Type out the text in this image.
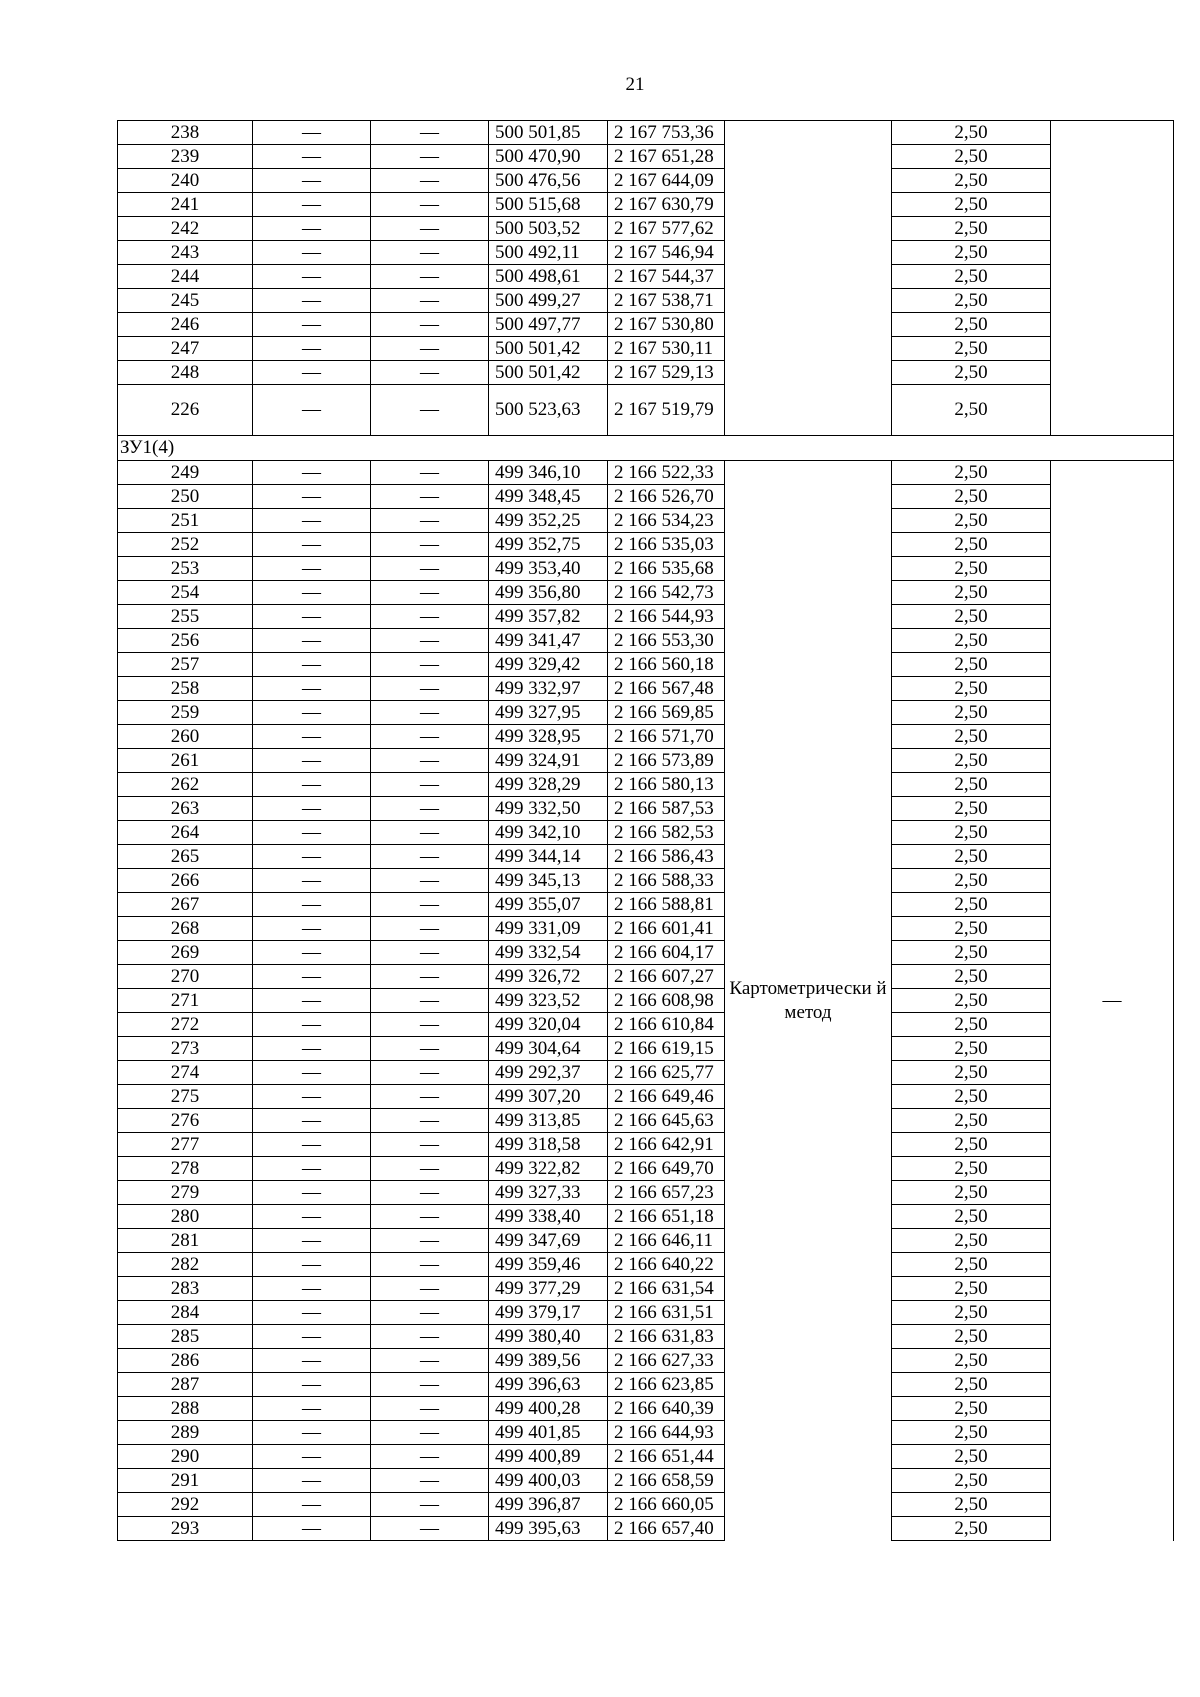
21
238	—	—	500 501,85	2 167 753,36		2,50	
239	—	—	500 470,90	2 167 651,28		2,50	
240	—	—	500 476,56	2 167 644,09		2,50	
241	—	—	500 515,68	2 167 630,79		2,50	
242	—	—	500 503,52	2 167 577,62		2,50	
243	—	—	500 492,11	2 167 546,94		2,50	
244	—	—	500 498,61	2 167 544,37		2,50	
245	—	—	500 499,27	2 167 538,71		2,50	
246	—	—	500 497,77	2 167 530,80		2,50	
247	—	—	500 501,42	2 167 530,11		2,50	
248	—	—	500 501,42	2 167 529,13		2,50	
226	—	—	500 523,63	2 167 519,79		2,50	
ЗУ1(4)							
249	—	—	499 346,10	2 166 522,33	Картометрически й метод	2,50	—
250	—	—	499 348,45	2 166 526,70		2,50	
251	—	—	499 352,25	2 166 534,23		2,50	
252	—	—	499 352,75	2 166 535,03		2,50	
253	—	—	499 353,40	2 166 535,68		2,50	
254	—	—	499 356,80	2 166 542,73		2,50	
255	—	—	499 357,82	2 166 544,93		2,50	
256	—	—	499 341,47	2 166 553,30		2,50	
257	—	—	499 329,42	2 166 560,18		2,50	
258	—	—	499 332,97	2 166 567,48		2,50	
259	—	—	499 327,95	2 166 569,85		2,50	
260	—	—	499 328,95	2 166 571,70		2,50	
261	—	—	499 324,91	2 166 573,89		2,50	
262	—	—	499 328,29	2 166 580,13		2,50	
263	—	—	499 332,50	2 166 587,53		2,50	
264	—	—	499 342,10	2 166 582,53		2,50	
265	—	—	499 344,14	2 166 586,43		2,50	
266	—	—	499 345,13	2 166 588,33		2,50	
267	—	—	499 355,07	2 166 588,81		2,50	
268	—	—	499 331,09	2 166 601,41		2,50	
269	—	—	499 332,54	2 166 604,17		2,50	
270	—	—	499 326,72	2 166 607,27		2,50	
271	—	—	499 323,52	2 166 608,98		2,50	
272	—	—	499 320,04	2 166 610,84		2,50	
273	—	—	499 304,64	2 166 619,15		2,50	
274	—	—	499 292,37	2 166 625,77		2,50	
275	—	—	499 307,20	2 166 649,46		2,50	
276	—	—	499 313,85	2 166 645,63		2,50	
277	—	—	499 318,58	2 166 642,91		2,50	
278	—	—	499 322,82	2 166 649,70		2,50	
279	—	—	499 327,33	2 166 657,23		2,50	
280	—	—	499 338,40	2 166 651,18		2,50	
281	—	—	499 347,69	2 166 646,11		2,50	
282	—	—	499 359,46	2 166 640,22		2,50	
283	—	—	499 377,29	2 166 631,54		2,50	
284	—	—	499 379,17	2 166 631,51		2,50	
285	—	—	499 380,40	2 166 631,83		2,50	
286	—	—	499 389,56	2 166 627,33		2,50	
287	—	—	499 396,63	2 166 623,85		2,50	
288	—	—	499 400,28	2 166 640,39		2,50	
289	—	—	499 401,85	2 166 644,93		2,50	
290	—	—	499 400,89	2 166 651,44		2,50	
291	—	—	499 400,03	2 166 658,59		2,50	
292	—	—	499 396,87	2 166 660,05		2,50	
293	—	—	499 395,63	2 166 657,40		2,50	
